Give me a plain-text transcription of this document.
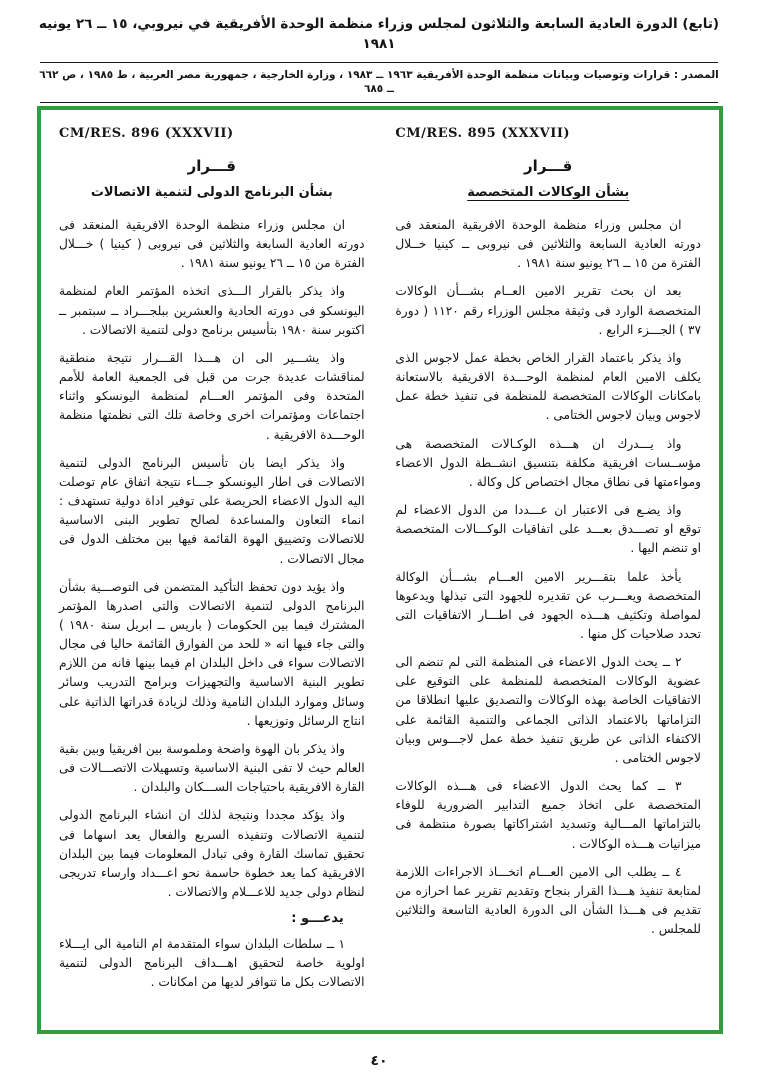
(تابع) الدورة العادية السابعة والثلاثون لمجلس وزراء منظمة الوحدة الأفريقية في نيروبي، ١٥ ــ ٢٦ يونيه ١٩٨١
المصدر : قرارات وتوصيات وبيانات منظمة الوحدة الأفريقية ١٩٦٣ ــ ١٩٨٣ ، وزارة الخارجية ، جمهورية مصر العربية ، ط ١٩٨٥ ، ص ٦٦٢ ــ ٦٨٥
CM/RES. 895 (XXXVII)
قـــرار
بشأن الوكالات المتخصصة

ان مجلس وزراء منظمة الوحدة الافريقية المنعقد فى دورته العادية السابعة والثلاثين فى نيروبى ــ كينيا خــلال الفترة من ١٥ ــ ٢٦ يونيو سنة ١٩٨١ .

بعد ان بحث تقرير الامين العــام بشـــأن الوكالات المتخصصة الوارد فى وثيقة مجلس الوزراء رقم ١١٢٠ ( دورة ٣٧ ) الجـــزء الرابع .

واذ يذكر باعتماد القرار الخاص بخطة عمل لاجوس الذى يكلف الامين العام لمنظمة الوحـــدة الافريقية بالاستعانة بامكانات الوكالات المتخصصة للمنظمة فى تنفيذ خطة عمل لاجوس وبيان لاجوس الختامى .

واذ يـــدرك ان هـــذه الوكـالات المتخصصة هى مؤســسات افريقية مكلفة بتنسيق انشــطة الدول الاعضاء ومواءمتها فى نطاق مجال اختصاص كل وكالة .

واذ يضـع فى الاعتبار ان عـــددا من الدول الاعضاء لم توقع او تصـــدق بعـــد على اتفاقيات الوكـــالات المتخصصة او تنضم اليها .

يأخذ علما بتقـــرير الامين العـــام بشـــأن الوكالة المتخصصة ويعـــرب عن تقديره للجهود التى تبذلها ويدعوها لمواصلة وتكثيف هـــذه الجهود فى اطـــار الاتفاقيات التى تحدد صلاحيات كل منها .

٢ ــ يحث الدول الاعضاء فى المنظمة التى لم تنضم الى عضوية الوكالات المتخصصة للمنظمة على التوقيع على الاتفاقيات الخاصة بهذه الوكالات والتصديق عليها انطلاقا من التزاماتها بالاعتماد الذاتى الجماعى والتنمية القائمة على الاكتفاء الذاتى عن طريق تنفيذ خطة عمل لاجـــوس وبيان لاجوس الختامى .

٣ ــ كما يحث الدول الاعضاء فى هـــذه الوكالات المتخصصة على اتخاذ جميع التدابير الضرورية للوفاء بالتزاماتها المـــالية وتسديد اشتراكاتها بصورة منتظمة فى ميزانيات هـــذه الوكالات .

٤ ــ يطلب الى الامين العـــام اتخـــاذ الاجراءات اللازمة لمتابعة تنفيذ هـــذا القرار بنجاح وتقديم تقرير عما احرازه من تقديم فى هـــذا الشأن الى الدورة العادية التاسعة والثلاثين للمجلس .

CM/RES. 896 (XXXVII)
قـــرار
بشأن البرنامج الدولى لتنمية الاتصالات

ان مجلس وزراء منظمة الوحدة الافريقية المنعقد فى دورته العادية السابعة والثلاثين فى نيروبى ( كينيا ) خـــلال الفترة من ١٥ ــ ٢٦ يونيو سنة ١٩٨١ .

واذ يذكر بالقرار الـــذى اتخذه المؤتمر العام لمنظمة اليونسكو فى دورته الحادية والعشرين ببلجـــراد ــ سبتمبر ــ اكتوبر سنة ١٩٨٠ بتأسيس برنامج دولى لتنمية الاتصالات .

واذ يشـــير الى ان هـــذا القـــرار نتيجة منطقية لمناقشات عديدة جرت من قبل فى الجمعية العامة للأمم المتحدة وفى المؤتمر العـــام لمنظمة اليونسكو واثناء اجتماعات ومؤتمرات اخرى وخاصة تلك التى نظمتها منظمة الوحـــدة الافريقية .

واذ يذكر ايضا بان تأسيس البرنامج الدولى لتنمية الاتصالات فى اطار اليونسكو جـــاء نتيجة اتفاق عام توصلت اليه الدول الاعضاء الحريصة على توفير اداة دولية تستهدف : انماء التعاون والمساعدة لصالح تطوير البنى الاساسية للاتصالات وتضييق الهوة القائمة فيها بين مختلف الدول فى مجال الاتصالات .

واذ يؤيد دون تحفظ التأكيد المتضمن فى التوصـــية بشأن البرنامج الدولى لتنمية الاتصالات والتى اصدرها المؤتمر المشترك فيما بين الحكومات ( باريس ــ ابريل سنة ١٩٨٠ ) والتى جاء فيها انه « للحد من الفوارق القائمة حاليا فى مجال الاتصالات سواء فى داخل البلدان ام فيما بينها فانه من اللازم تطوير البنية الاساسية والتجهيزات وبرامج التدريب وسائر وسائل وموارد البلدان النامية وذلك لزيادة قدراتها الذاتية على انتاج الرسائل وتوزيعها .

واذ يذكر بان الهوة واضحة وملموسة بين افريقيا وبين بقية العالم حيث لا تفى البنية الاساسية وتسهيلات الاتصـــالات فى القارة الافريقية باحتياجات الســـكان والبلدان .

واذ يؤكد مجددا ونتيجة لذلك ان انشاء البرنامج الدولى لتنمية الاتصالات وتنفيذه السريع والفعال يعد اسهاما فى تحقيق تماسك القارة وفى تبادل المعلومات فيما بين البلدان الافريقية كما يعد خطوة حاسمة نحو اعـــداد وارساء تدريجى لنظام دولى جديد للاعـــلام والاتصالات .

يدعـــو :

١ ــ سلطات البلدان سواء المتقدمة ام النامية الى ايـــلاء اولوية خاصة لتحقيق اهـــداف البرنامج الدولى لتنمية الاتصالات بكل ما تتوافر لديها من امكانات .

٤٠
